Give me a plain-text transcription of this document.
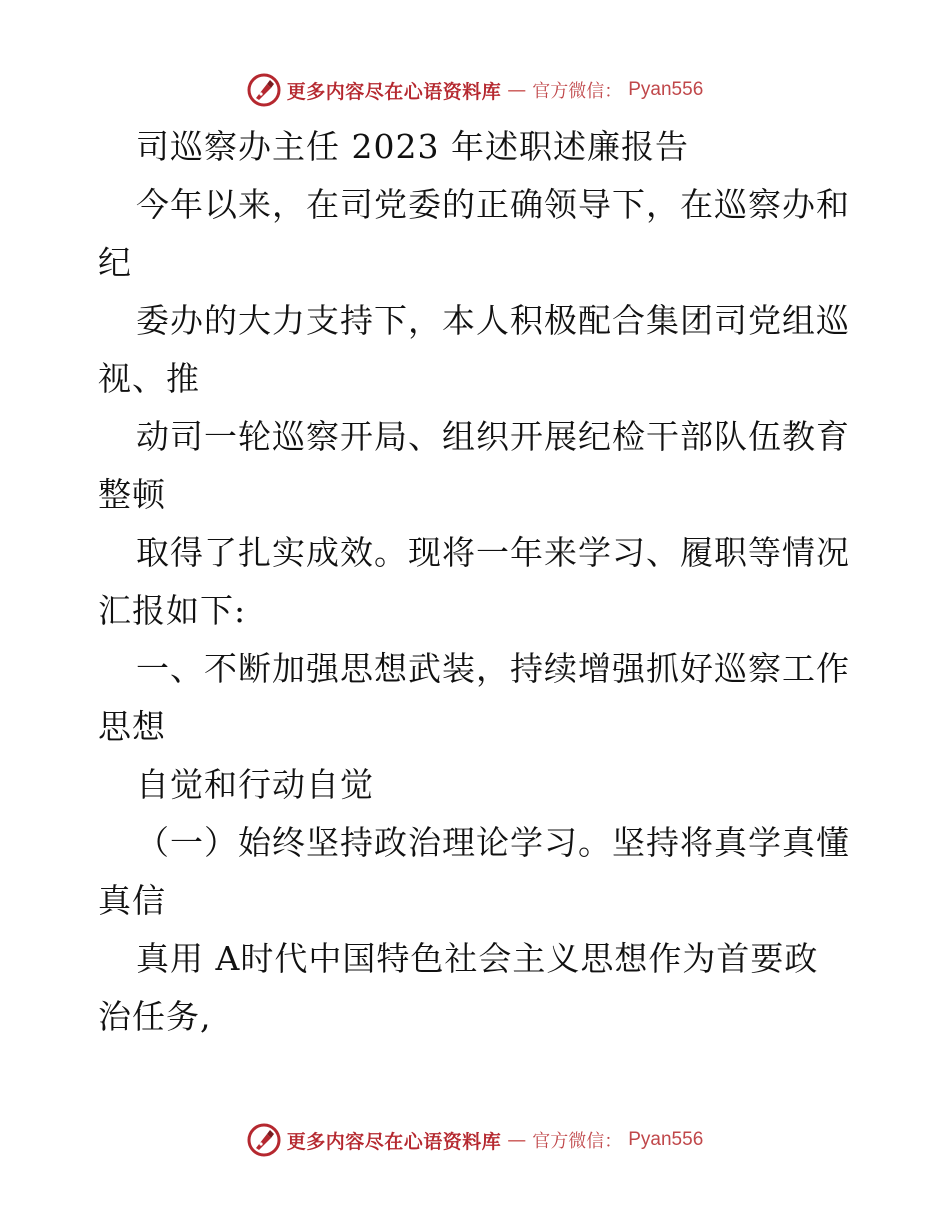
更多内容尽在心语资料库 — 官方微信： Pyan556
司巡察办主任 2023 年述职述廉报告
今年以来，在司党委的正确领导下，在巡察办和
纪
委办的大力支持下，本人积极配合集团司党组巡
视、推
动司一轮巡察开局、组织开展纪检干部队伍教育
整顿
取得了扎实成效。现将一年来学习、履职等情况
汇报如下:
一、不断加强思想武装，持续增强抓好巡察工作
思想
自觉和行动自觉
（一）始终坚持政治理论学习。坚持将真学真懂
真信
真用 A时代中国特色社会主义思想作为首要政
治任务,
更多内容尽在心语资料库 — 官方微信： Pyan556
